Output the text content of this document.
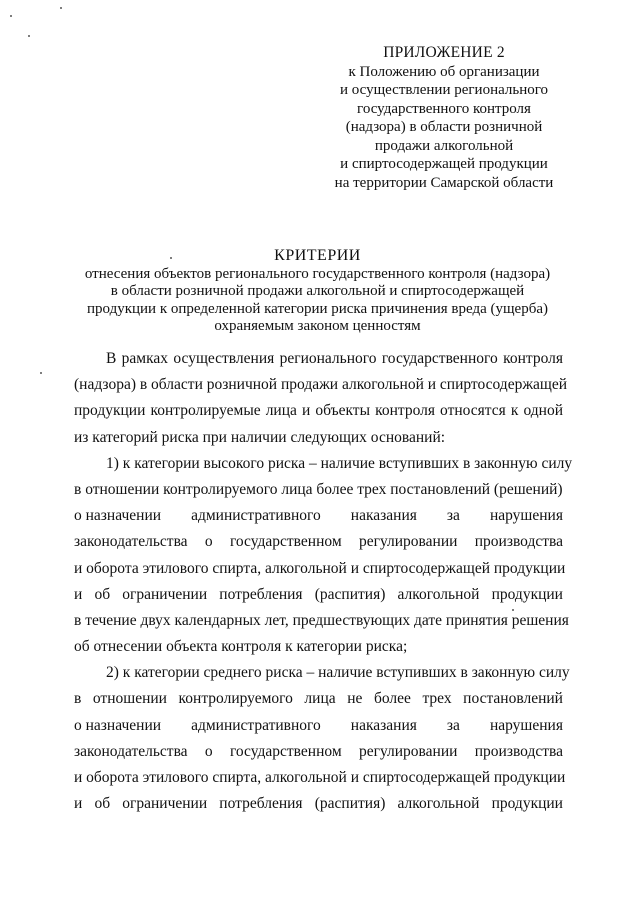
ПРИЛОЖЕНИЕ 2
к Положению об организации
и осуществлении регионального
государственного контроля
(надзора) в области розничной
продажи алкогольной
и спиртосодержащей продукции
на территории Самарской области
КРИТЕРИИ
отнесения объектов регионального государственного контроля (надзора)
в области розничной продажи алкогольной и спиртосодержащей
продукции к определенной категории риска причинения вреда (ущерба)
охраняемым законом ценностям
В рамках осуществления регионального государственного контроля
(надзора) в области розничной продажи алкогольной и спиртосодержащей
продукции контролируемые лица и объекты контроля относятся к одной
из категорий риска при наличии следующих оснований:
1) к категории высокого риска – наличие вступивших в законную силу
в отношении контролируемого лица более трех постановлений (решений)
о назначении административного наказания за нарушения
законодательства о государственном регулировании производства
и оборота этилового спирта, алкогольной и спиртосодержащей продукции
и об ограничении потребления (распития) алкогольной продукции
в течение двух календарных лет, предшествующих дате принятия решения
об отнесении объекта контроля к категории риска;
2) к категории среднего риска – наличие вступивших в законную силу
в отношении контролируемого лица не более трех постановлений
о назначении административного наказания за нарушения
законодательства о государственном регулировании производства
и оборота этилового спирта, алкогольной и спиртосодержащей продукции
и об ограничении потребления (распития) алкогольной продукции
